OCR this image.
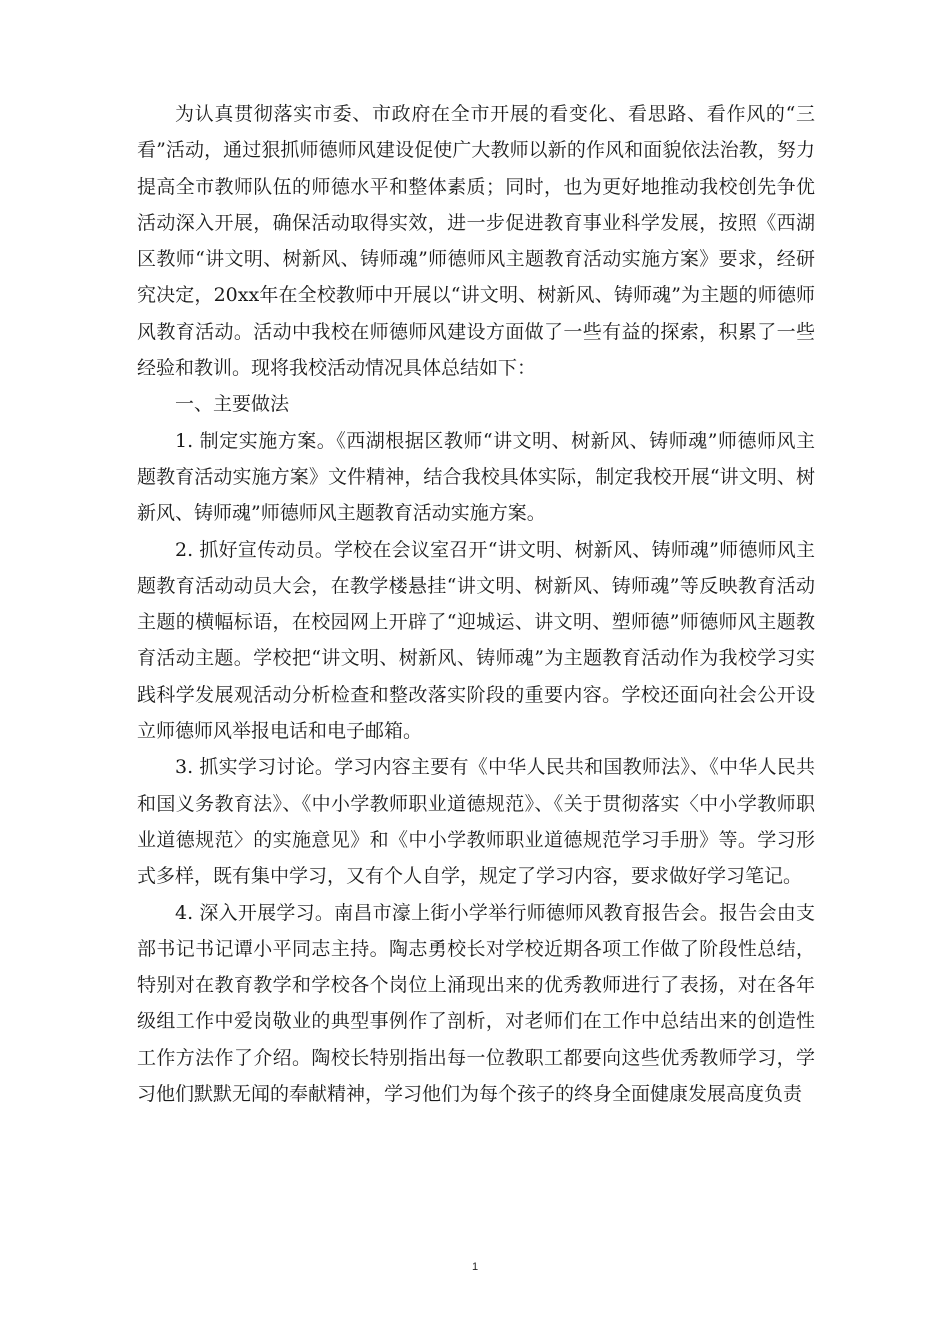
为认真贯彻落实市委、市政府在全市开展的看变化、看思路、看作风的“三看”活动，通过狠抓师德师风建设促使广大教师以新的作风和面貌依法治教，努力提高全市教师队伍的师德水平和整体素质；同时，也为更好地推动我校创先争优活动深入开展，确保活动取得实效，进一步促进教育事业科学发展，按照《西湖区教师“讲文明、树新风、铸师魂”师德师风主题教育活动实施方案》要求，经研究决定，20xx年在全校教师中开展以“讲文明、树新风、铸师魂”为主题的师德师风教育活动。活动中我校在师德师风建设方面做了一些有益的探索，积累了一些经验和教训。现将我校活动情况具体总结如下：

一、主要做法

1. 制定实施方案。《西湖根据区教师“讲文明、树新风、铸师魂”师德师风主题教育活动实施方案》文件精神，结合我校具体实际，制定我校开展“讲文明、树新风、铸师魂”师德师风主题教育活动实施方案。

2. 抓好宣传动员。学校在会议室召开“讲文明、树新风、铸师魂”师德师风主题教育活动动员大会，在教学楼悬挂“讲文明、树新风、铸师魂”等反映教育活动主题的横幅标语，在校园网上开辟了“迎城运、讲文明、塑师德”师德师风主题教育活动主题。学校把“讲文明、树新风、铸师魂”为主题教育活动作为我校学习实践科学发展观活动分析检查和整改落实阶段的重要内容。学校还面向社会公开设立师德师风举报电话和电子邮箱。

3. 抓实学习讨论。学习内容主要有《中华人民共和国教师法》、《中华人民共和国义务教育法》、《中小学教师职业道德规范》、《关于贯彻落实〈中小学教师职业道德规范〉的实施意见》和《中小学教师职业道德规范学习手册》等。学习形式多样，既有集中学习，又有个人自学，规定了学习内容，要求做好学习笔记。

4. 深入开展学习。南昌市濠上街小学举行师德师风教育报告会。报告会由支部书记书记谭小平同志主持。陶志勇校长对学校近期各项工作做了阶段性总结，特别对在教育教学和学校各个岗位上涌现出来的优秀教师进行了表扬，对在各年级组工作中爱岗敬业的典型事例作了剖析，对老师们在工作中总结出来的创造性工作方法作了介绍。陶校长特别指出每一位教职工都要向这些优秀教师学习，学习他们默默无闻的奉献精神，学习他们为每个孩子的终身全面健康发展高度负责

1
